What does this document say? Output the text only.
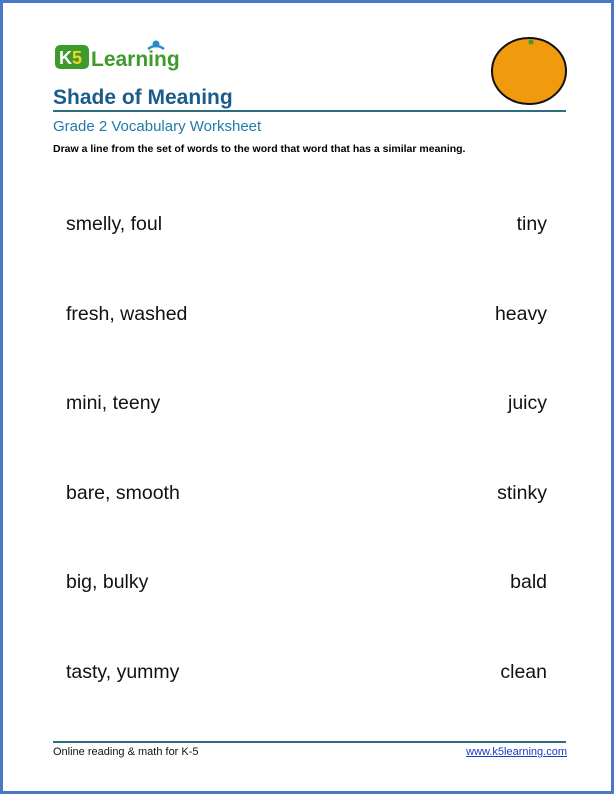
K 5 Learning
Shade of Meaning
Grade 2 Vocabulary Worksheet
Draw a line from the set of words to the word that word that has a similar meaning.
smelly, foul	tiny
fresh, washed	heavy
mini, teeny	juicy
bare, smooth	stinky
big, bulky	bald
tasty, yummy	clean
Online reading & math for K-5	www.k5learning.com
